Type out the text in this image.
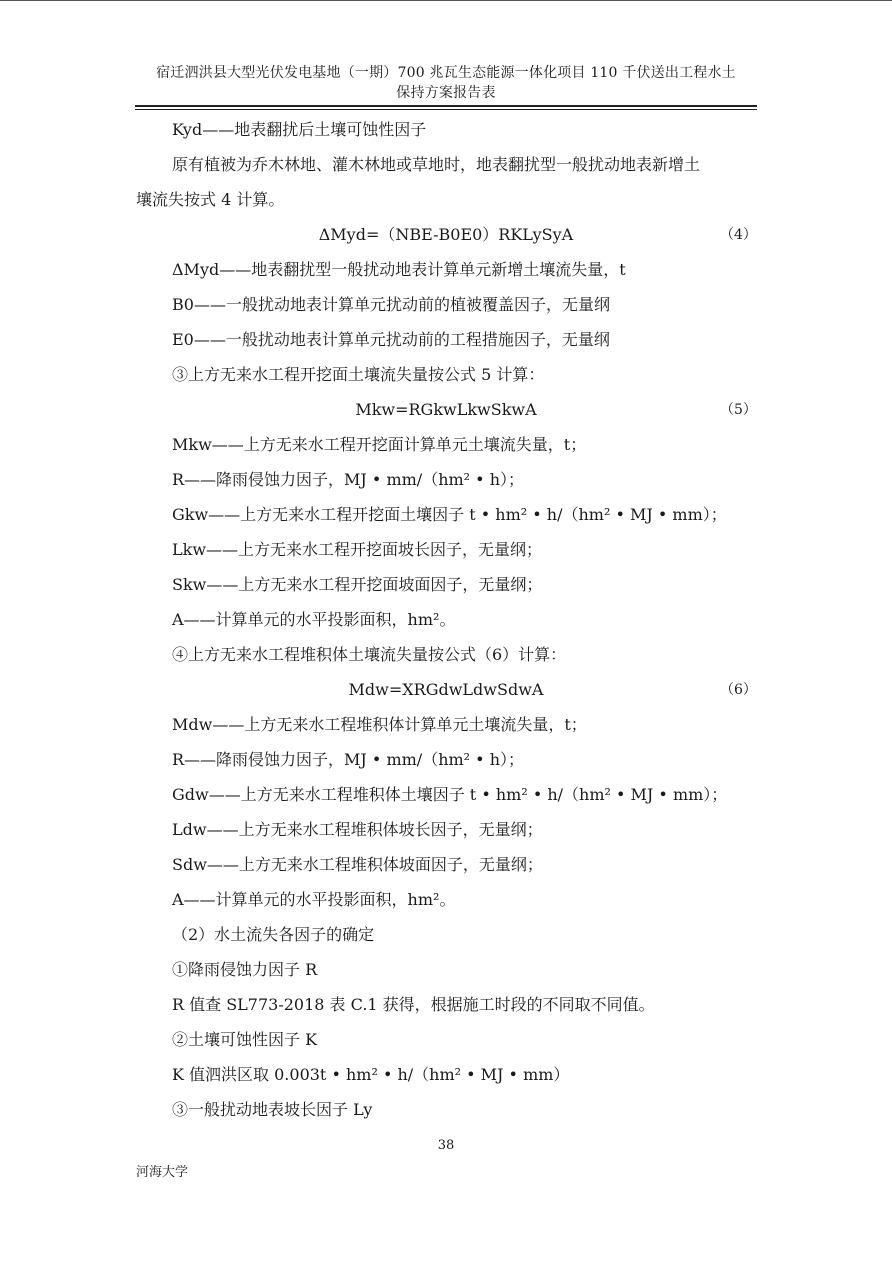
宿迁泗洪县大型光伏发电基地（一期）700 兆瓦生态能源一体化项目 110 千伏送出工程水土
保持方案报告表
Kyd——地表翻扰后土壤可蚀性因子
原有植被为乔木林地、灌木林地或草地时，地表翻扰型一般扰动地表新增土
壤流失按式 4 计算。
ΔMyd=（NBE-B0E0）RKLySyA	（4）
ΔMyd——地表翻扰型一般扰动地表计算单元新增土壤流失量，t
B0——一般扰动地表计算单元扰动前的植被覆盖因子，无量纲
E0——一般扰动地表计算单元扰动前的工程措施因子，无量纲
③上方无来水工程开挖面土壤流失量按公式 5 计算：
Mkw=RGkwLkwSkwA	（5）
Mkw——上方无来水工程开挖面计算单元土壤流失量，t；
R——降雨侵蚀力因子，MJ • mm/（hm² • h）；
Gkw——上方无来水工程开挖面土壤因子 t • hm² • h/（hm² • MJ • mm）；
Lkw——上方无来水工程开挖面坡长因子，无量纲；
Skw——上方无来水工程开挖面坡面因子，无量纲；
A——计算单元的水平投影面积，hm²。
④上方无来水工程堆积体土壤流失量按公式（6）计算：
Mdw=XRGdwLdwSdwA	（6）
Mdw——上方无来水工程堆积体计算单元土壤流失量，t；
R——降雨侵蚀力因子，MJ • mm/（hm² • h）；
Gdw——上方无来水工程堆积体土壤因子 t • hm² • h/（hm² • MJ • mm）；
Ldw——上方无来水工程堆积体坡长因子，无量纲；
Sdw——上方无来水工程堆积体坡面因子，无量纲；
A——计算单元的水平投影面积，hm²。
（2）水土流失各因子的确定
①降雨侵蚀力因子 R
R 值查 SL773-2018 表 C.1 获得，根据施工时段的不同取不同值。
②土壤可蚀性因子 K
K 值泗洪区取 0.003t • hm² • h/（hm² • MJ • mm）
③一般扰动地表坡长因子 Ly
38
河海大学
